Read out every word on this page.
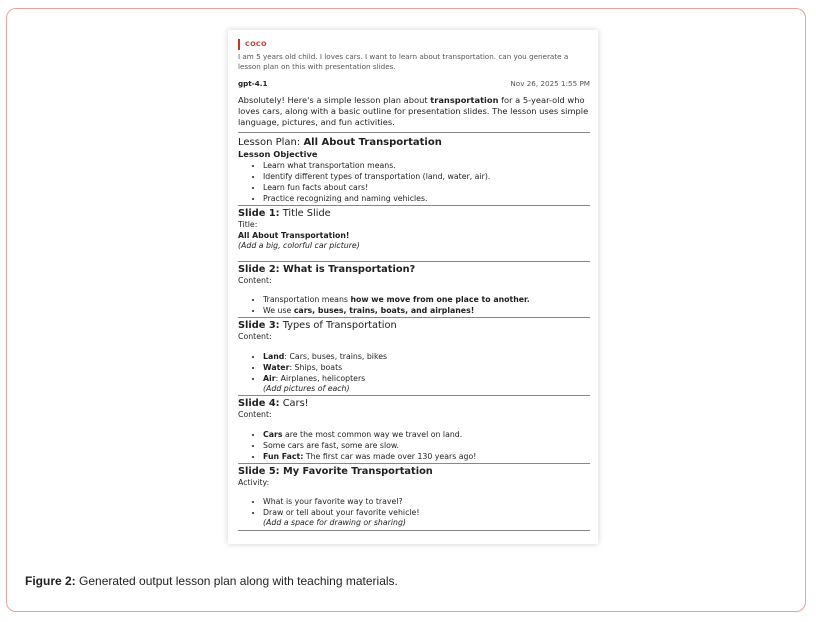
COCO
I am 5 years old child. I loves cars. I want to learn about transportation. can you generate a lesson plan on this with presentation slides.
gpt-4.1	Nov 26, 2025 1:55 PM
Absolutely! Here's a simple lesson plan about transportation for a 5-year-old who loves cars, along with a basic outline for presentation slides. The lesson uses simple language, pictures, and fun activities.
Lesson Plan: All About Transportation
Lesson Objective
• Learn what transportation means.
• Identify different types of transportation (land, water, air).
• Learn fun facts about cars!
• Practice recognizing and naming vehicles.
Slide 1: Title Slide
Title:
All About Transportation!
(Add a big, colorful car picture)
Slide 2: What is Transportation?
Content:
• Transportation means how we move from one place to another.
• We use cars, buses, trains, boats, and airplanes!
Slide 3: Types of Transportation
Content:
• Land: Cars, buses, trains, bikes
• Water: Ships, boats
• Air: Airplanes, helicopters
(Add pictures of each)
Slide 4: Cars!
Content:
• Cars are the most common way we travel on land.
• Some cars are fast, some are slow.
• Fun Fact: The first car was made over 130 years ago!
Slide 5: My Favorite Transportation
Activity:
• What is your favorite way to travel?
• Draw or tell about your favorite vehicle!
(Add a space for drawing or sharing)
Figure 2: Generated output lesson plan along with teaching materials.
